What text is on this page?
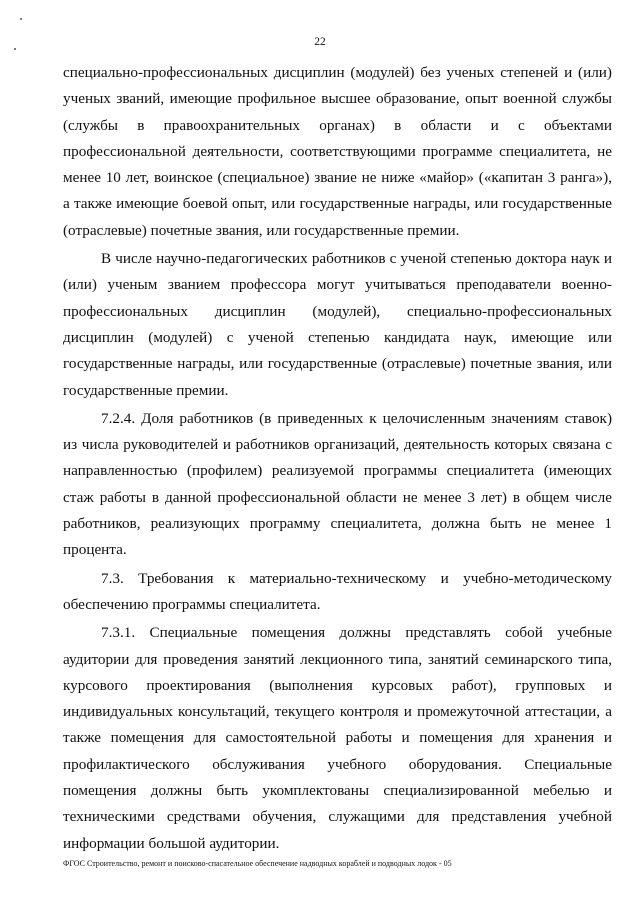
22

специально-профессиональных дисциплин (модулей) без ученых степеней и (или) ученых званий, имеющие профильное высшее образование, опыт военной службы (службы в правоохранительных органах) в области и с объектами профессиональной деятельности, соответствующими программе специалитета, не менее 10 лет, воинское (специальное) звание не ниже «майор» («капитан 3 ранга»), а также имеющие боевой опыт, или государственные награды, или государственные (отраслевые) почетные звания, или государственные премии.

В числе научно-педагогических работников с ученой степенью доктора наук и (или) ученым званием профессора могут учитываться преподаватели военно-профессиональных дисциплин (модулей), специально-профессиональных дисциплин (модулей) с ученой степенью кандидата наук, имеющие или государственные награды, или государственные (отраслевые) почетные звания, или государственные премии.

7.2.4. Доля работников (в приведенных к целочисленным значениям ставок) из числа руководителей и работников организаций, деятельность которых связана с направленностью (профилем) реализуемой программы специалитета (имеющих стаж работы в данной профессиональной области не менее 3 лет) в общем числе работников, реализующих программу специалитета, должна быть не менее 1 процента.

7.3. Требования к материально-техническому и учебно-методическому обеспечению программы специалитета.

7.3.1. Специальные помещения должны представлять собой учебные аудитории для проведения занятий лекционного типа, занятий семинарского типа, курсового проектирования (выполнения курсовых работ), групповых и индивидуальных консультаций, текущего контроля и промежуточной аттестации, а также помещения для самостоятельной работы и помещения для хранения и профилактического обслуживания учебного оборудования. Специальные помещения должны быть укомплектованы специализированной мебелью и техническими средствами обучения, служащими для представления учебной информации большой аудитории.

ФГОС Строительство, ремонт и поисково-спасательное обеспечение надводных кораблей и подводных лодок - 05
